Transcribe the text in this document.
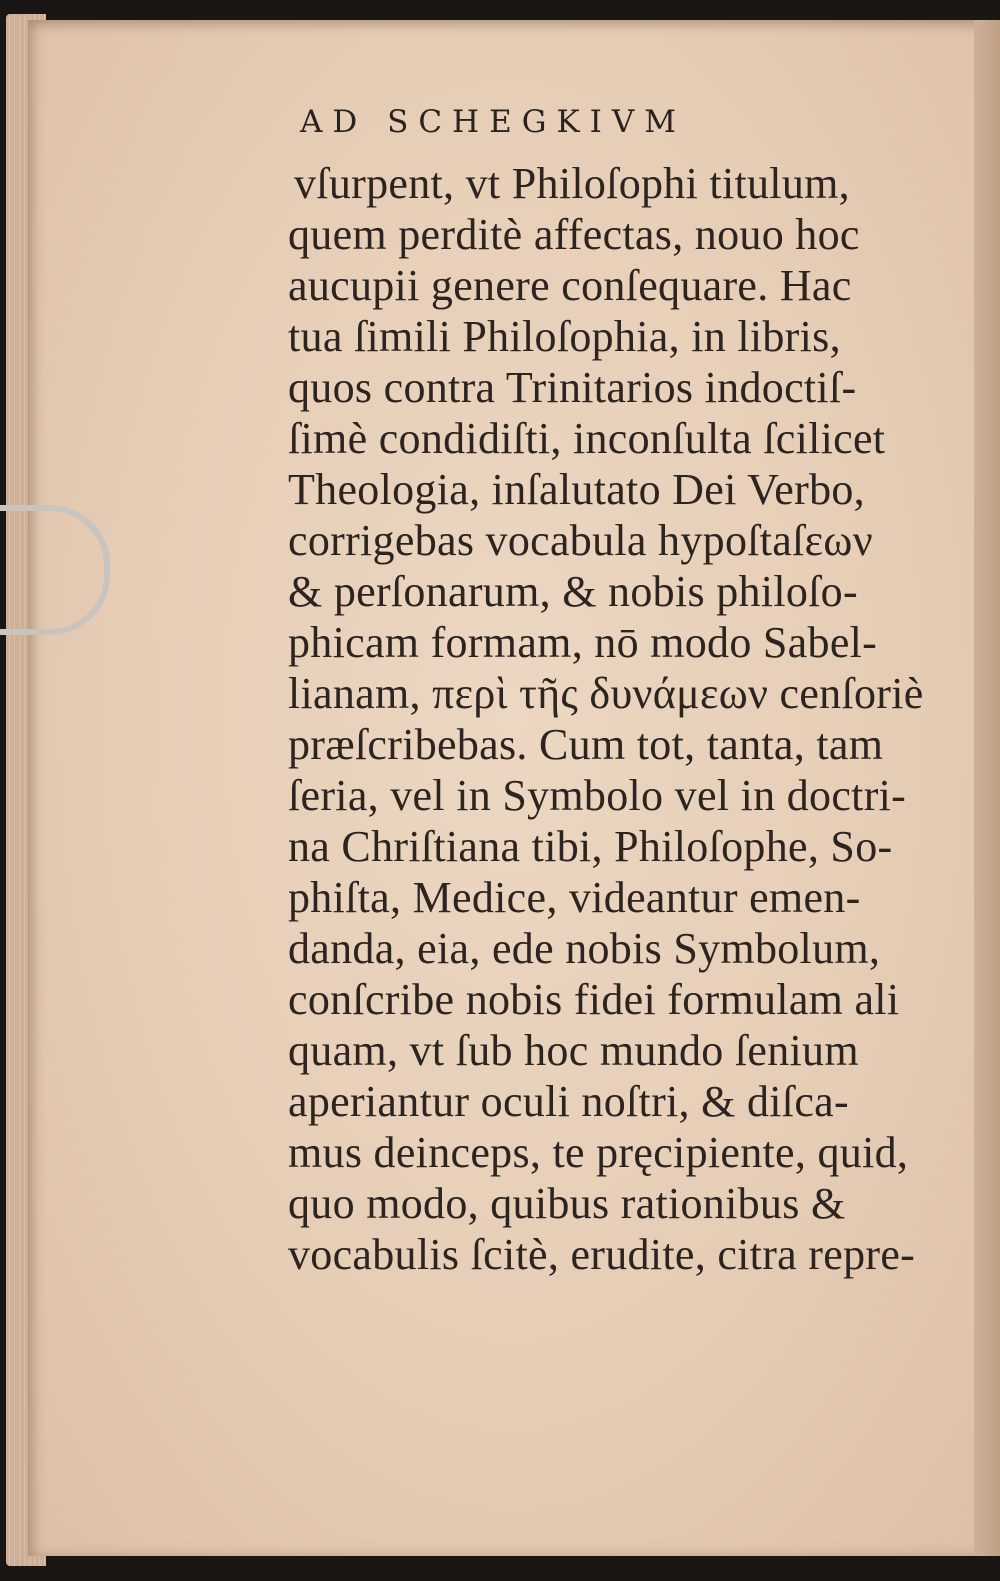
AD SCHEGKIVM
vſurpent, vt Philoſophi titulum,
quem perditè affectas, nouo hoc
aucupii genere conſequare. Hac
tua ſimili Philoſophia, in libris,
quos contra Trinitarios indoctiſ-
ſimè condidiſti, inconſulta ſcilicet
Theologia, inſalutato Dei Verbo,
corrigebas vocabula hypoſtaſεων
& perſonarum, & nobis philoſo-
phicam formam, nō modo Sabel-
lianam, περὶ τῆς δυνάμεων cenſoriè
præſcribebas. Cum tot, tanta, tam
ſeria, vel in Symbolo vel in doctri-
na Chriſtiana tibi, Philoſophe, So-
phiſta, Medice, videantur emen-
danda, eia, ede nobis Symbolum,
conſcribe nobis fidei formulam ali
quam, vt ſub hoc mundo ſenium
aperiantur oculi noſtri, & diſca-
mus deinceps, te pręcipiente, quid,
quo modo, quibus rationibus &
vocabulis ſcitè, erudite, citra repre-
